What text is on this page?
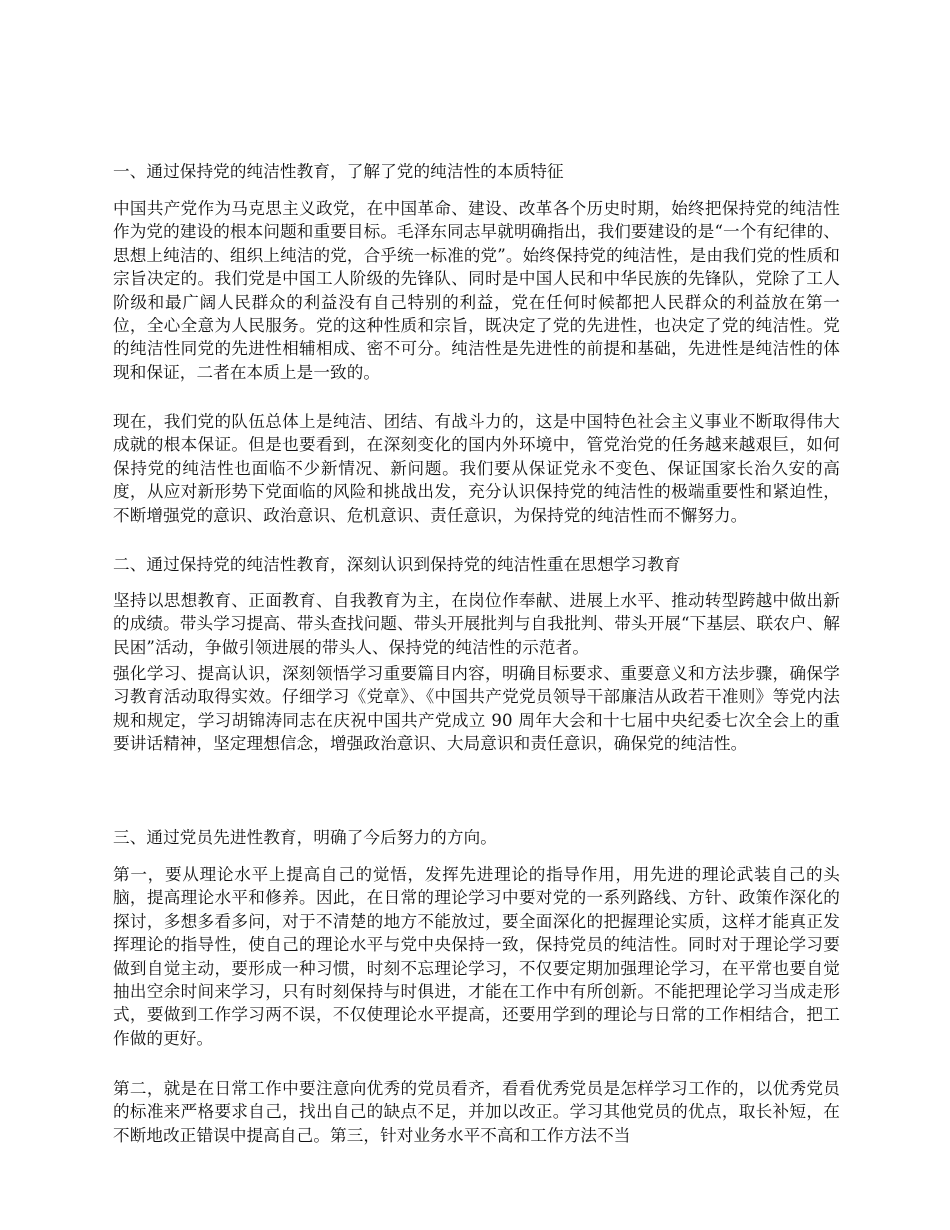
一、通过保持党的纯洁性教育，了解了党的纯洁性的本质特征

中国共产党作为马克思主义政党，在中国革命、建设、改革各个历史时期，始终把保持党的纯洁性作为党的建设的根本问题和重要目标。毛泽东同志早就明确指出，我们要建设的是“一个有纪律的、思想上纯洁的、组织上纯洁的党，合乎统一标准的党”。始终保持党的纯洁性，是由我们党的性质和宗旨决定的。我们党是中国工人阶级的先锋队、同时是中国人民和中华民族的先锋队，党除了工人阶级和最广阔人民群众的利益没有自己特别的利益，党在任何时候都把人民群众的利益放在第一位，全心全意为人民服务。党的这种性质和宗旨，既决定了党的先进性，也决定了党的纯洁性。党的纯洁性同党的先进性相辅相成、密不可分。纯洁性是先进性的前提和基础，先进性是纯洁性的体现和保证，二者在本质上是一致的。

现在，我们党的队伍总体上是纯洁、团结、有战斗力的，这是中国特色社会主义事业不断取得伟大成就的根本保证。但是也要看到，在深刻变化的国内外环境中，管党治党的任务越来越艰巨，如何保持党的纯洁性也面临不少新情况、新问题。我们要从保证党永不变色、保证国家长治久安的高度，从应对新形势下党面临的风险和挑战出发，充分认识保持党的纯洁性的极端重要性和紧迫性，不断增强党的意识、政治意识、危机意识、责任意识，为保持党的纯洁性而不懈努力。

二、通过保持党的纯洁性教育，深刻认识到保持党的纯洁性重在思想学习教育

坚持以思想教育、正面教育、自我教育为主，在岗位作奉献、进展上水平、推动转型跨越中做出新的成绩。带头学习提高、带头查找问题、带头开展批判与自我批判、带头开展“下基层、联农户、解民困”活动，争做引领进展的带头人、保持党的纯洁性的示范者。

强化学习、提高认识，深刻领悟学习重要篇目内容，明确目标要求、重要意义和方法步骤，确保学习教育活动取得实效。仔细学习《党章》、《中国共产党党员领导干部廉洁从政若干准则》等党内法规和规定，学习胡锦涛同志在庆祝中国共产党成立 90 周年大会和十七届中央纪委七次全会上的重要讲话精神，坚定理想信念，增强政治意识、大局意识和责任意识，确保党的纯洁性。

三、通过党员先进性教育，明确了今后努力的方向。

第一，要从理论水平上提高自己的觉悟，发挥先进理论的指导作用，用先进的理论武装自己的头脑，提高理论水平和修养。因此，在日常的理论学习中要对党的一系列路线、方针、政策作深化的探讨，多想多看多问，对于不清楚的地方不能放过，要全面深化的把握理论实质，这样才能真正发挥理论的指导性，使自己的理论水平与党中央保持一致，保持党员的纯洁性。同时对于理论学习要做到自觉主动，要形成一种习惯，时刻不忘理论学习，不仅要定期加强理论学习，在平常也要自觉抽出空余时间来学习，只有时刻保持与时俱进，才能在工作中有所创新。不能把理论学习当成走形式，要做到工作学习两不误，不仅使理论水平提高，还要用学到的理论与日常的工作相结合，把工作做的更好。

第二，就是在日常工作中要注意向优秀的党员看齐，看看优秀党员是怎样学习工作的，以优秀党员的标准来严格要求自己，找出自己的缺点不足，并加以改正。学习其他党员的优点，取长补短，在不断地改正错误中提高自己。第三，针对业务水平不高和工作方法不当
